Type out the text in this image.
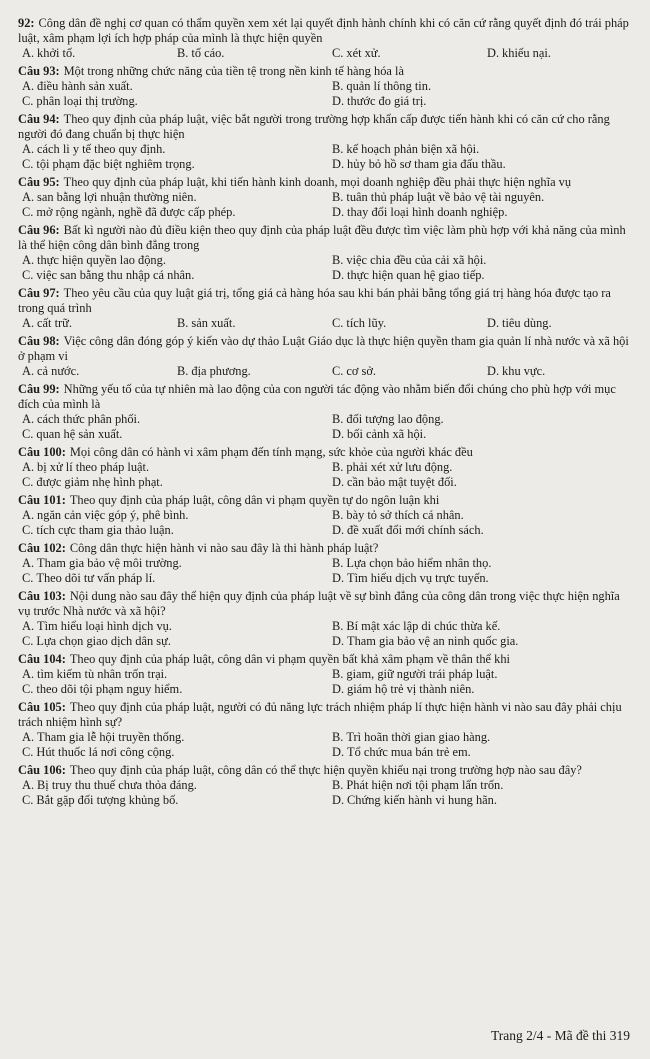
92: Công dân đề nghị cơ quan có thẩm quyền xem xét lại quyết định hành chính khi có căn cứ rằng quyết định đó trái pháp luật, xâm phạm lợi ích hợp pháp của mình là thực hiện quyền
A. khởi tố.	B. tố cáo.	C. xét xử.	D. khiếu nại.
Câu 93: Một trong những chức năng của tiền tệ trong nền kinh tế hàng hóa là
A. điều hành sản xuất.	B. quản lí thông tin.
C. phân loại thị trường.	D. thước đo giá trị.
Câu 94: Theo quy định của pháp luật, việc bắt người trong trường hợp khẩn cấp được tiến hành khi có căn cứ cho rằng người đó đang chuẩn bị thực hiện
A. cách li y tế theo quy định.	B. kế hoạch phản biện xã hội.
C. tội phạm đặc biệt nghiêm trọng.	D. hủy bỏ hồ sơ tham gia đấu thầu.
Câu 95: Theo quy định của pháp luật, khi tiến hành kinh doanh, mọi doanh nghiệp đều phải thực hiện nghĩa vụ
A. san bằng lợi nhuận thường niên.	B. tuân thủ pháp luật về bảo vệ tài nguyên.
C. mở rộng ngành, nghề đã được cấp phép.	D. thay đổi loại hình doanh nghiệp.
Câu 96: Bất kì người nào đủ điều kiện theo quy định của pháp luật đều được tìm việc làm phù hợp với khả năng của mình là thể hiện công dân bình đẳng trong
A. thực hiện quyền lao động.	B. việc chia đều của cải xã hội.
C. việc san bằng thu nhập cá nhân.	D. thực hiện quan hệ giao tiếp.
Câu 97: Theo yêu cầu của quy luật giá trị, tổng giá cả hàng hóa sau khi bán phải bằng tổng giá trị hàng hóa được tạo ra trong quá trình
A. cất trữ.	B. sản xuất.	C. tích lũy.	D. tiêu dùng.
Câu 98: Việc công dân đóng góp ý kiến vào dự thảo Luật Giáo dục là thực hiện quyền tham gia quản lí nhà nước và xã hội ở phạm vi
A. cả nước.	B. địa phương.	C. cơ sở.	D. khu vực.
Câu 99: Những yếu tố của tự nhiên mà lao động của con người tác động vào nhằm biến đổi chúng cho phù hợp với mục đích của mình là
A. cách thức phân phối.	B. đối tượng lao động.
C. quan hệ sản xuất.	D. bối cảnh xã hội.
Câu 100: Mọi công dân có hành vi xâm phạm đến tính mạng, sức khỏe của người khác đều
A. bị xử lí theo pháp luật.	B. phải xét xử lưu động.
C. được giảm nhẹ hình phạt.	D. cần bảo mật tuyệt đối.
Câu 101: Theo quy định của pháp luật, công dân vi phạm quyền tự do ngôn luận khi
A. ngăn cản việc góp ý, phê bình.	B. bày tỏ sở thích cá nhân.
C. tích cực tham gia thảo luận.	D. đề xuất đổi mới chính sách.
Câu 102: Công dân thực hiện hành vi nào sau đây là thi hành pháp luật?
A. Tham gia bảo vệ môi trường.	B. Lựa chọn bảo hiểm nhân thọ.
C. Theo dõi tư vấn pháp lí.	D. Tìm hiểu dịch vụ trực tuyến.
Câu 103: Nội dung nào sau đây thể hiện quy định của pháp luật về sự bình đẳng của công dân trong việc thực hiện nghĩa vụ trước Nhà nước và xã hội?
A. Tìm hiểu loại hình dịch vụ.	B. Bí mật xác lập di chúc thừa kế.
C. Lựa chọn giao dịch dân sự.	D. Tham gia bảo vệ an ninh quốc gia.
Câu 104: Theo quy định của pháp luật, công dân vi phạm quyền bất khả xâm phạm về thân thể khi
A. tìm kiếm tù nhân trốn trại.	B. giam, giữ người trái pháp luật.
C. theo dõi tội phạm nguy hiểm.	D. giám hộ trẻ vị thành niên.
Câu 105: Theo quy định của pháp luật, người có đủ năng lực trách nhiệm pháp lí thực hiện hành vi nào sau đây phải chịu trách nhiệm hình sự?
A. Tham gia lễ hội truyền thống.	B. Trì hoãn thời gian giao hàng.
C. Hút thuốc lá nơi công cộng.	D. Tổ chức mua bán trẻ em.
Câu 106: Theo quy định của pháp luật, công dân có thể thực hiện quyền khiếu nại trong trường hợp nào sau đây?
A. Bị truy thu thuế chưa thỏa đáng.	B. Phát hiện nơi tội phạm lẩn trốn.
C. Bắt gặp đối tượng khủng bố.	D. Chứng kiến hành vi hung hãn.
Trang 2/4 - Mã đề thi 319
